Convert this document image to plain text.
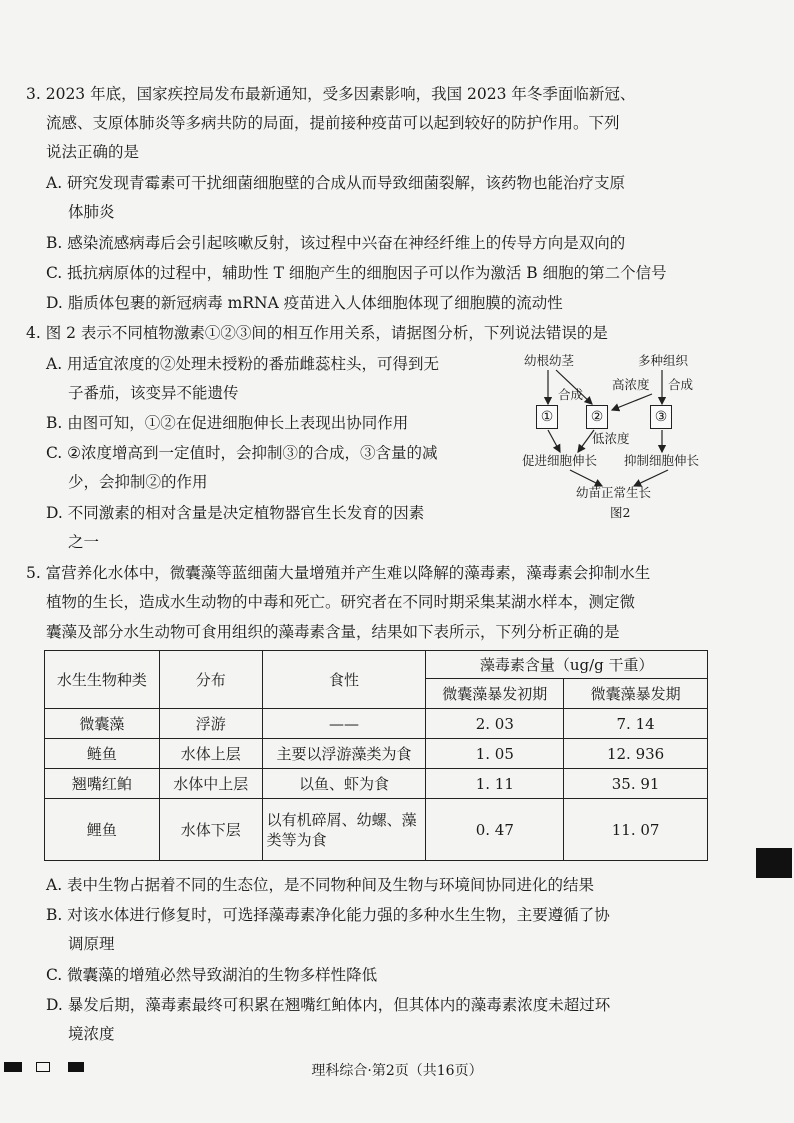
3. 2023 年底，国家疾控局发布最新通知，受多因素影响，我国 2023 年冬季面临新冠、
流感、支原体肺炎等多病共防的局面，提前接种疫苗可以起到较好的防护作用。下列
说法正确的是
A. 研究发现青霉素可干扰细菌细胞壁的合成从而导致细菌裂解，该药物也能治疗支原
体肺炎
B. 感染流感病毒后会引起咳嗽反射，该过程中兴奋在神经纤维上的传导方向是双向的
C. 抵抗病原体的过程中，辅助性 T 细胞产生的细胞因子可以作为激活 B 细胞的第二个信号
D. 脂质体包裹的新冠病毒 mRNA 疫苗进入人体细胞体现了细胞膜的流动性
4. 图 2 表示不同植物激素①②③间的相互作用关系，请据图分析，下列说法错误的是
A. 用适宜浓度的②处理未授粉的番茄雌蕊柱头，可得到无
子番茄，该变异不能遗传
B. 由图可知，①②在促进细胞伸长上表现出协同作用
C. ②浓度增高到一定值时，会抑制③的合成，③含量的减
少，会抑制②的作用
D. 不同激素的相对含量是决定植物器官生长发育的因素
之一
幼根幼茎	多种组织
合成
高浓度 合成
①	②	③
低浓度
促进细胞伸长 抑制细胞伸长
幼苗正常生长
图2
5. 富营养化水体中，微囊藻等蓝细菌大量增殖并产生难以降解的藻毒素，藻毒素会抑制水生
植物的生长，造成水生动物的中毒和死亡。研究者在不同时期采集某湖水样本，测定微
囊藻及部分水生动物可食用组织的藻毒素含量，结果如下表所示，下列分析正确的是
水生生物种类	分布	食性	藻毒素含量（ug/g 干重）	
			微囊藻暴发初期	微囊藻暴发期
微囊藻	浮游	——	2. 03	7. 14
鲢鱼	水体上层	主要以浮游藻类为食	1. 05	12. 936
翘嘴红鲌	水体中上层	以鱼、虾为食	1. 11	35. 91
鲤鱼	水体下层	以有机碎屑、幼螺、藻类等为食	0. 47	11. 07
A. 表中生物占据着不同的生态位，是不同物种间及生物与环境间协同进化的结果
B. 对该水体进行修复时，可选择藻毒素净化能力强的多种水生生物，主要遵循了协
调原理
C. 微囊藻的增殖必然导致湖泊的生物多样性降低
D. 暴发后期，藻毒素最终可积累在翘嘴红鲌体内，但其体内的藻毒素浓度未超过环
境浓度
理科综合·第2页（共16页）
